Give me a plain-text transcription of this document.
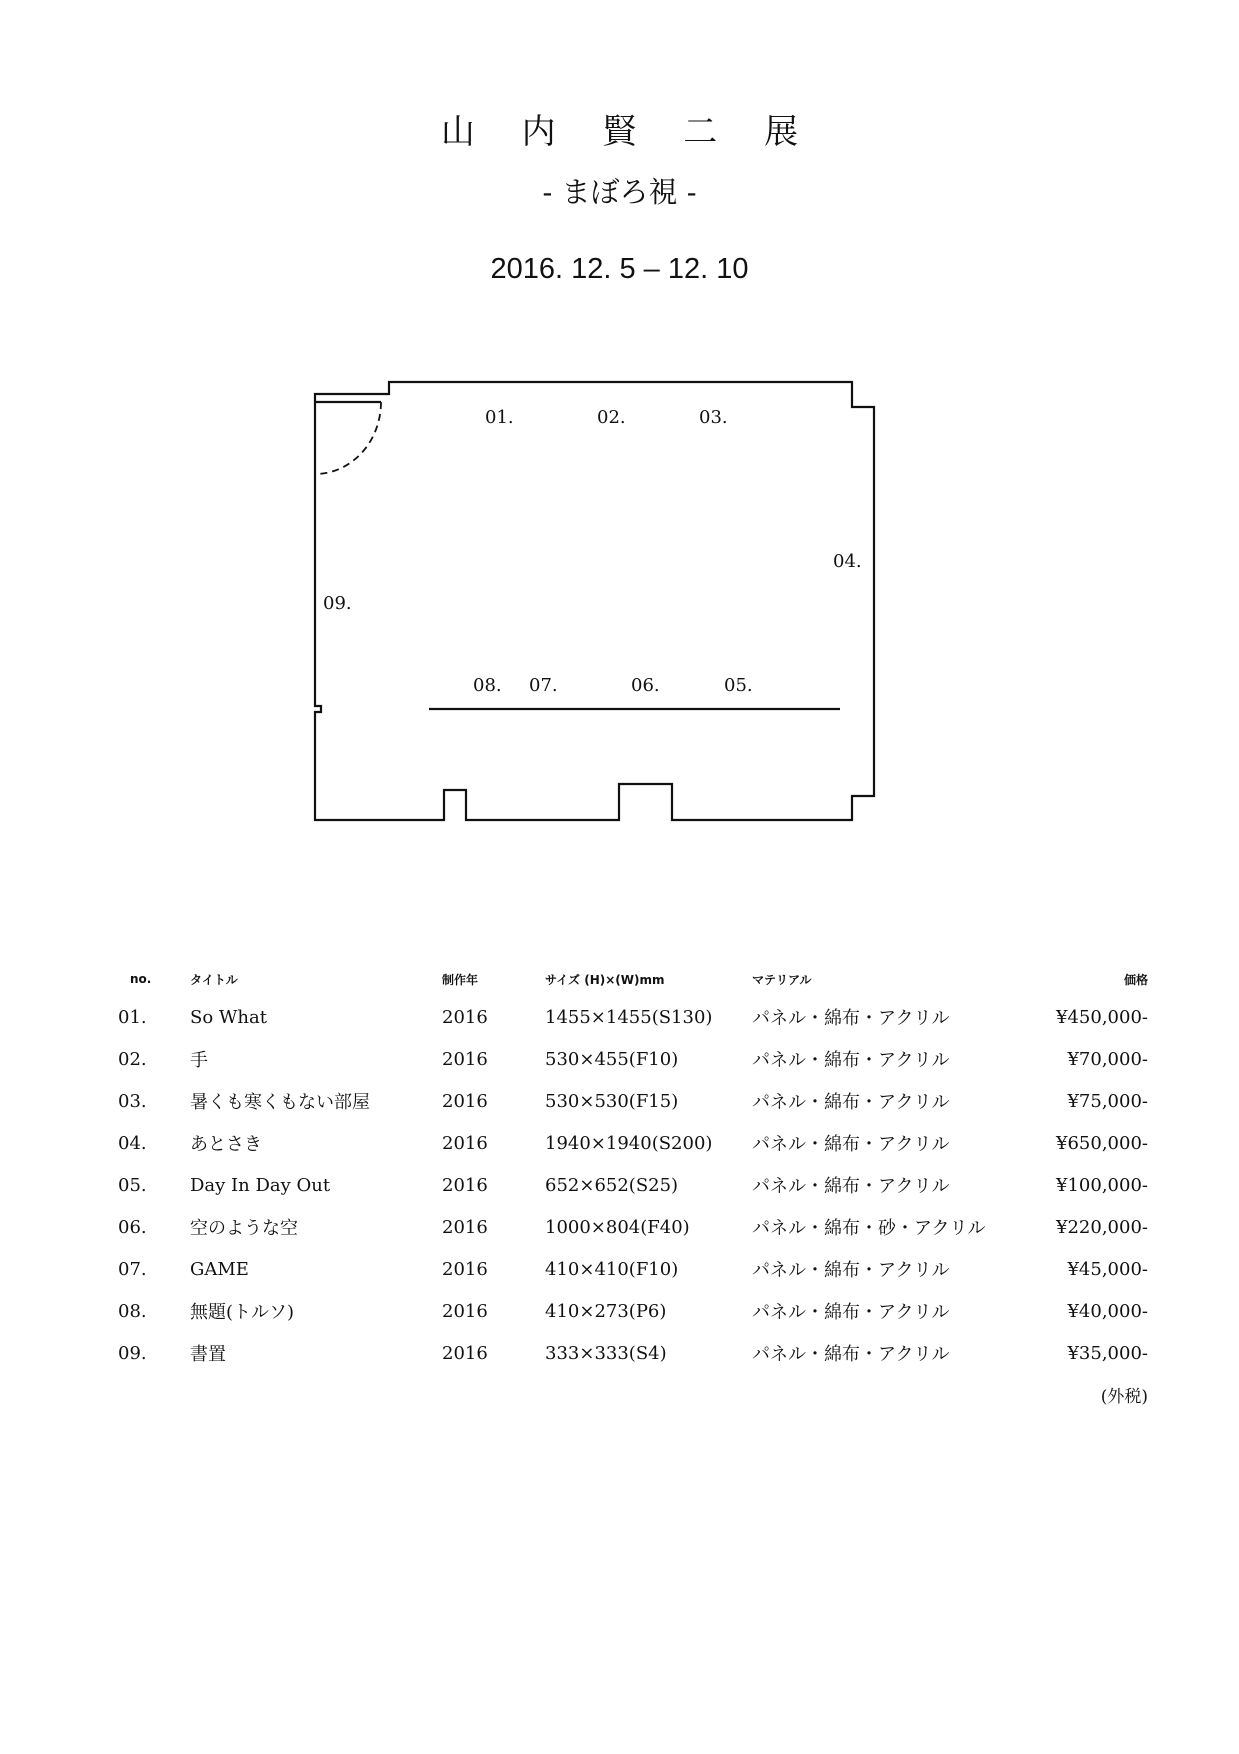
山 内 賢 二 展
- まぼろ視 -
2016. 12. 5 – 12. 10
01.	02.	03.
04.
05.
06.
07.
08.
09.
no.	タイトル	制作年	サイズ (H)×(W)mm	マテリアル	価格
01.	So What	2016	1455×1455(S130)	パネル・綿布・アクリル	¥450,000-
02.	手	2016	530×455(F10)	パネル・綿布・アクリル	¥70,000-
03.	暑くも寒くもない部屋	2016	530×530(F15)	パネル・綿布・アクリル	¥75,000-
04.	あとさき	2016	1940×1940(S200)	パネル・綿布・アクリル	¥650,000-
05.	Day In Day Out	2016	652×652(S25)	パネル・綿布・アクリル	¥100,000-
06.	空のような空	2016	1000×804(F40)	パネル・綿布・砂・アクリル	¥220,000-
07.	GAME	2016	410×410(F10)	パネル・綿布・アクリル	¥45,000-
08.	無題(トルソ)	2016	410×273(P6)	パネル・綿布・アクリル	¥40,000-
09.	書置	2016	333×333(S4)	パネル・綿布・アクリル	¥35,000-
(外税)
